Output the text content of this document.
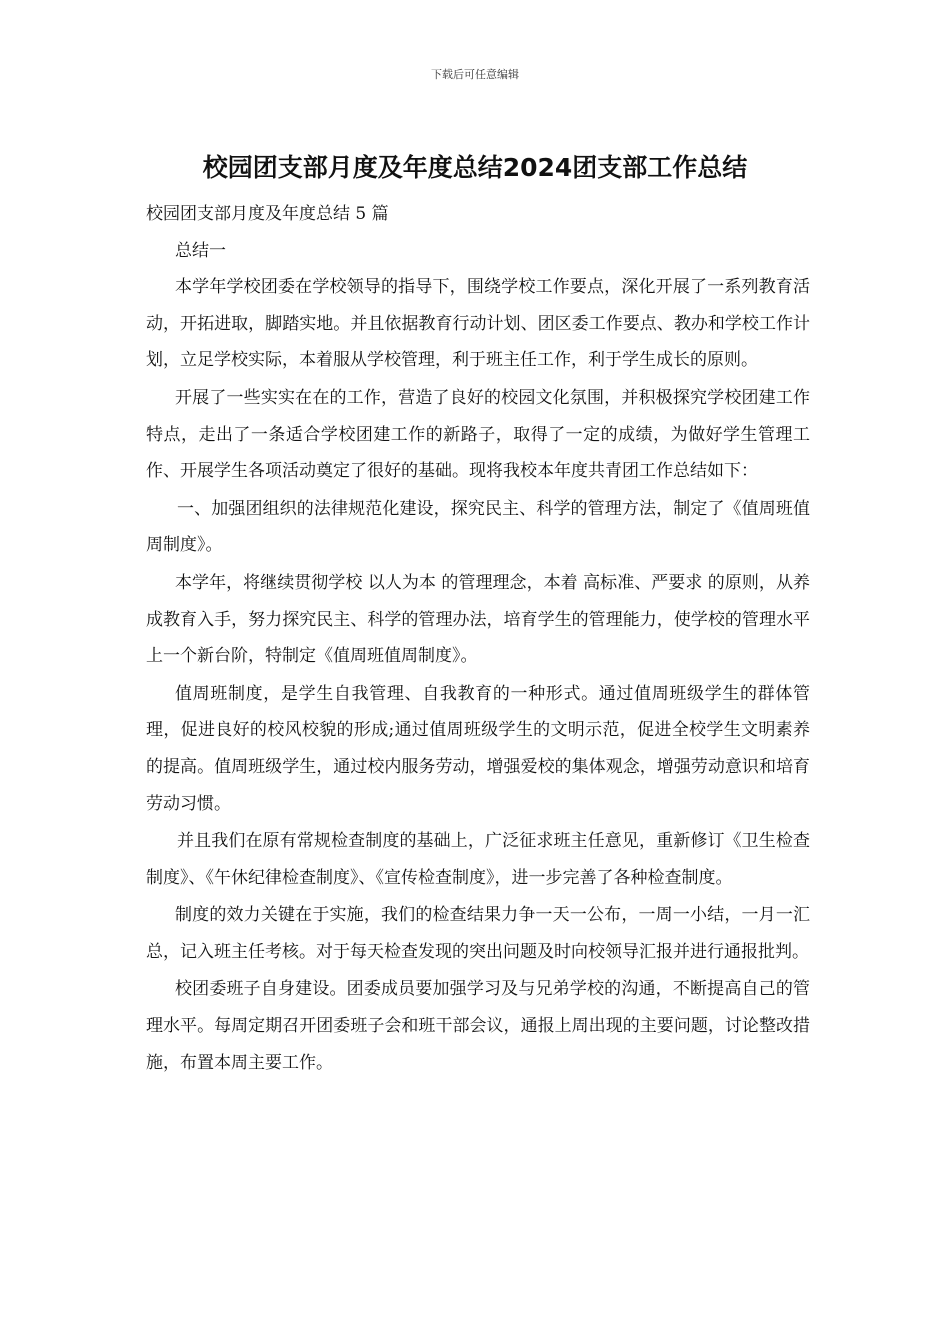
下载后可任意编辑
校园团支部月度及年度总结2024团支部工作总结

校园团支部月度及年度总结 5 篇

总结一

本学年学校团委在学校领导的指导下，围绕学校工作要点，深化开展了一系列教育活动，开拓进取，脚踏实地。并且依据教育行动计划、团区委工作要点、教办和学校工作计划，立足学校实际，本着服从学校管理，利于班主任工作，利于学生成长的原则。

开展了一些实实在在的工作，营造了良好的校园文化氛围，并积极探究学校团建工作特点，走出了一条适合学校团建工作的新路子，取得了一定的成绩，为做好学生管理工作、开展学生各项活动奠定了很好的基础。现将我校本年度共青团工作总结如下：

一、加强团组织的法律规范化建设，探究民主、科学的管理方法，制定了《值周班值周制度》。

本学年，将继续贯彻学校 以人为本 的管理理念，本着 高标准、严要求 的原则，从养成教育入手，努力探究民主、科学的管理办法，培育学生的管理能力，使学校的管理水平上一个新台阶，特制定《值周班值周制度》。

值周班制度，是学生自我管理、自我教育的一种形式。通过值周班级学生的群体管理，促进良好的校风校貌的形成;通过值周班级学生的文明示范，促进全校学生文明素养的提高。值周班级学生，通过校内服务劳动，增强爱校的集体观念，增强劳动意识和培育劳动习惯。

并且我们在原有常规检查制度的基础上，广泛征求班主任意见，重新修订《卫生检查制度》、《午休纪律检查制度》、《宣传检查制度》，进一步完善了各种检查制度。

制度的效力关键在于实施，我们的检查结果力争一天一公布，一周一小结，一月一汇总，记入班主任考核。对于每天检查发现的突出问题及时向校领导汇报并进行通报批判。

校团委班子自身建设。团委成员要加强学习及与兄弟学校的沟通，不断提高自己的管理水平。每周定期召开团委班子会和班干部会议，通报上周出现的主要问题，讨论整改措施，布置本周主要工作。
